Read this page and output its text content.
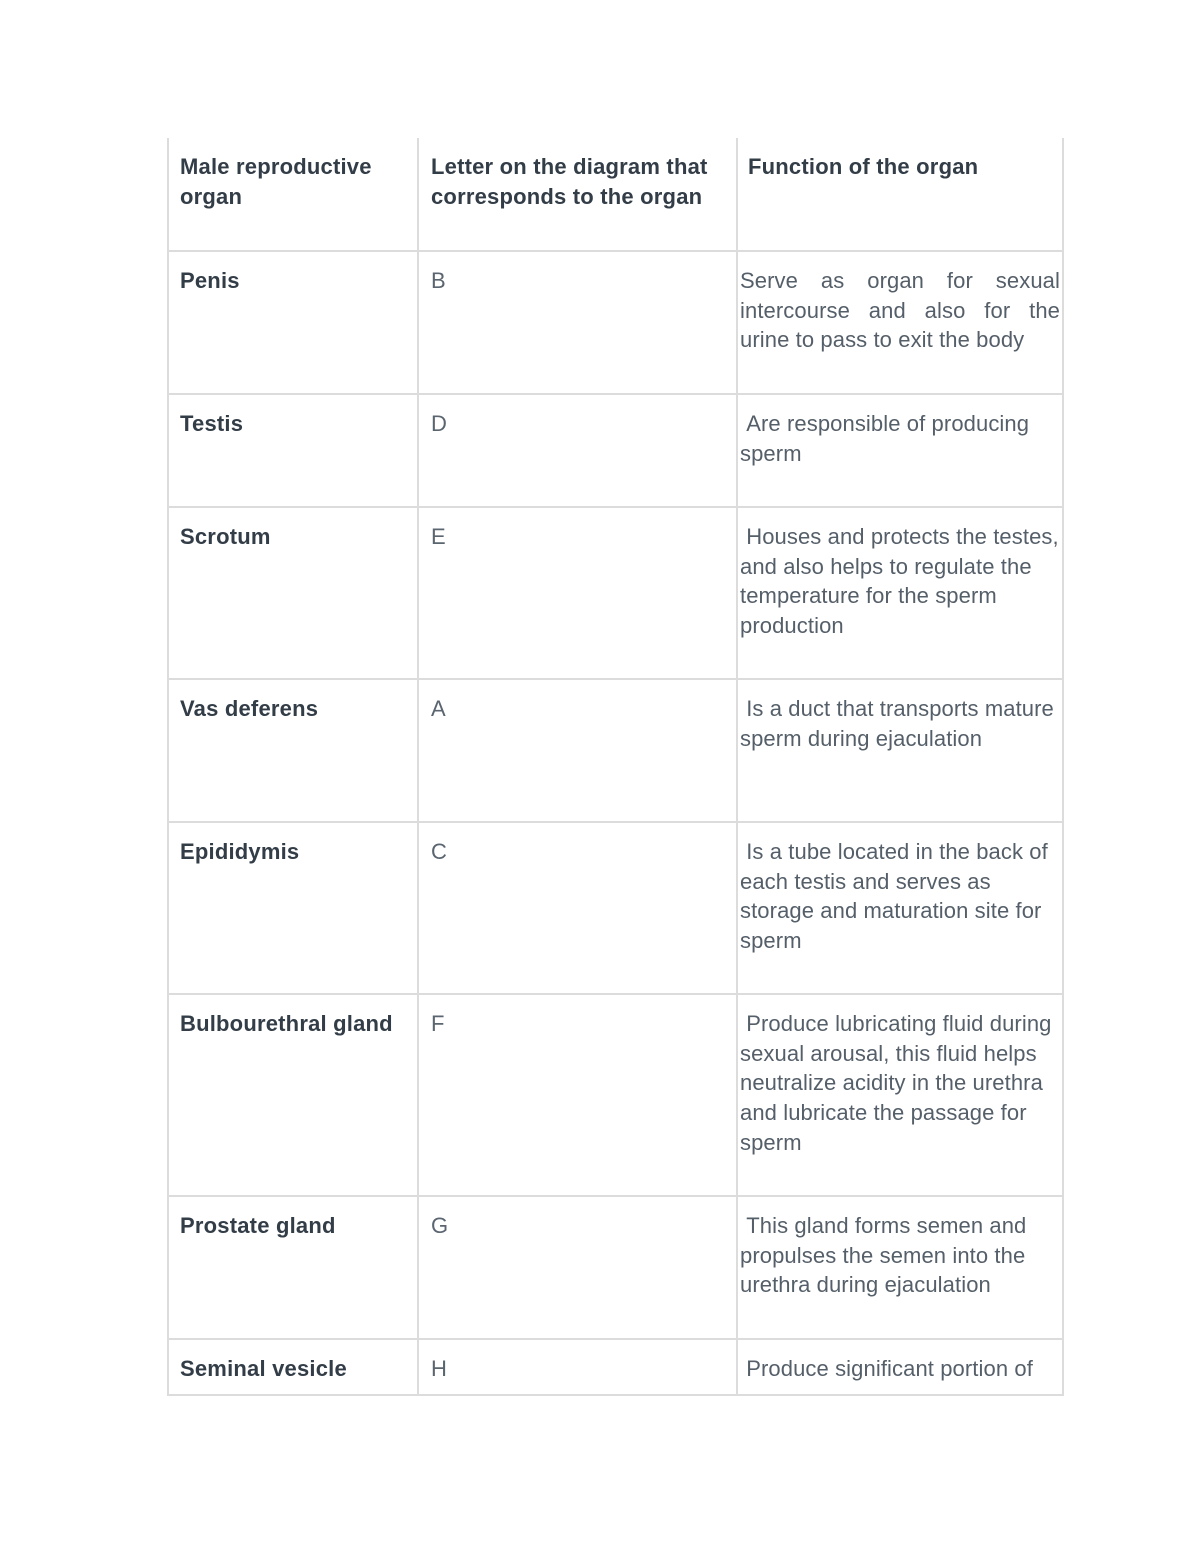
Male reproductive organ	Letter on the diagram that corresponds to the organ	Function of the organ
Penis	B	Serve as organ for sexual intercourse and also for the urine to pass to exit the body
Testis	D	Are responsible of producing sperm
Scrotum	E	Houses and protects the testes, and also helps to regulate the temperature for the sperm production
Vas deferens	A	Is a duct that transports mature sperm during ejaculation
Epididymis	C	Is a tube located in the back of each testis and serves as storage and maturation site for sperm
Bulbourethral gland	F	Produce lubricating fluid during sexual arousal, this fluid helps neutralize acidity in the urethra and lubricate the passage for sperm
Prostate gland	G	This gland forms semen and propulses the semen into the urethra during ejaculation
Seminal vesicle	H	Produce significant portion of
